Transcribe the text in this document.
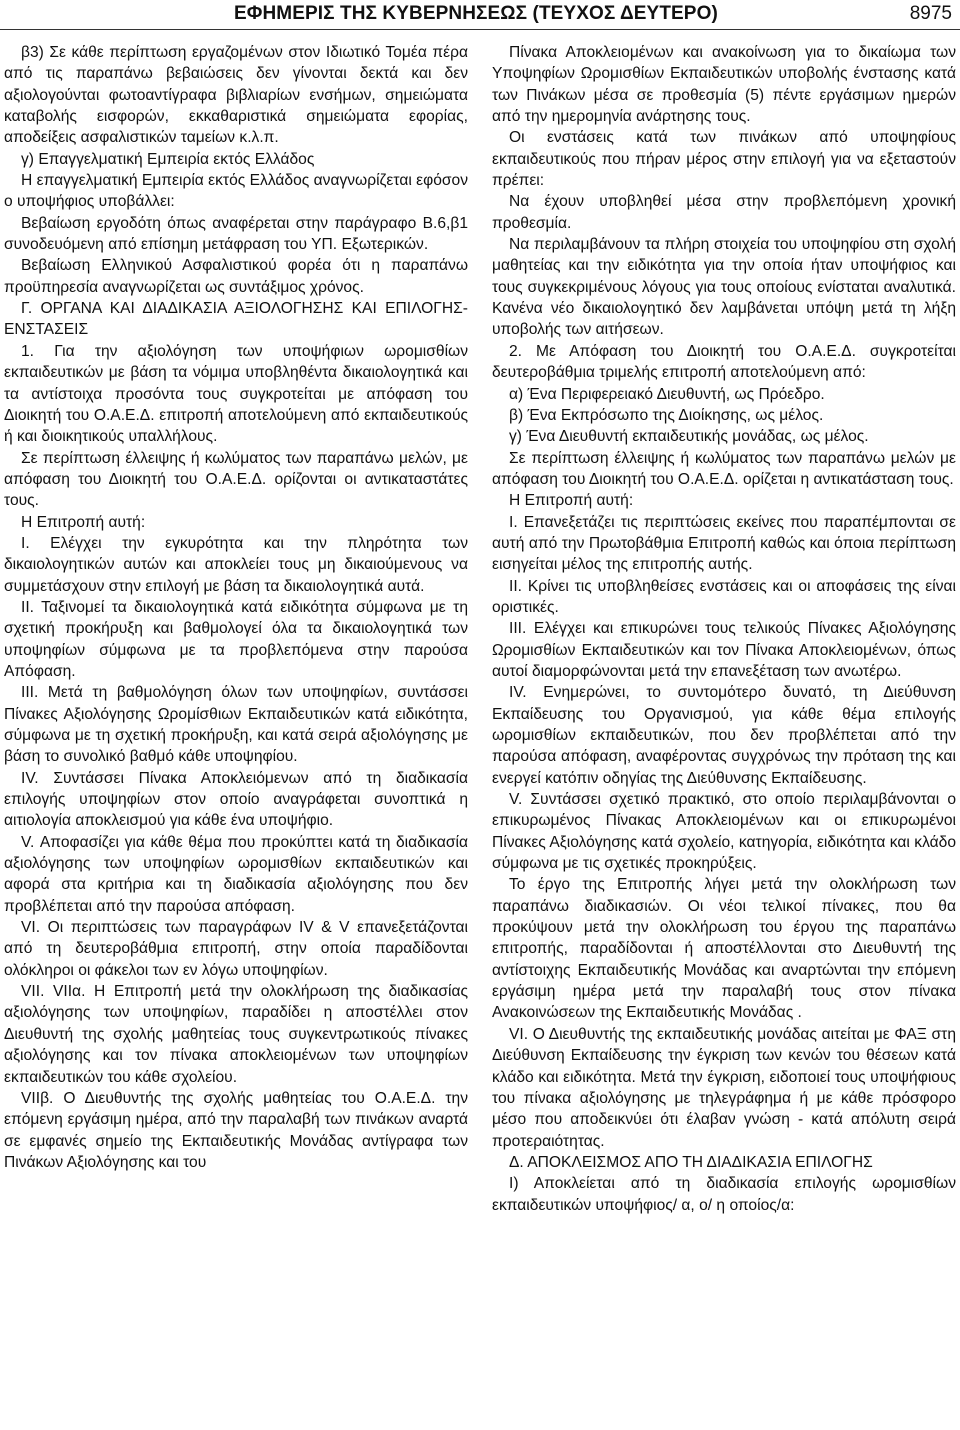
ΕΦΗΜΕΡΙΣ ΤΗΣ ΚΥΒΕΡΝΗΣΕΩΣ (ΤΕΥΧΟΣ ΔΕΥΤΕΡΟ)	8975

β3) Σε κάθε περίπτωση εργαζομένων στον Ιδιωτικό Τομέα πέρα από τις παραπάνω βεβαιώσεις δεν γίνονται δεκτά και δεν αξιολογούνται φωτοαντίγραφα βιβλιαρίων ενσήμων, σημειώματα καταβολής εισφορών, εκκαθαριστικά σημειώματα εφορίας, αποδείξεις ασφαλιστικών ταμείων κ.λ.π.

γ) Επαγγελματική Εμπειρία εκτός Ελλάδος

Η επαγγελματική Εμπειρία εκτός Ελλάδος αναγνωρίζεται εφόσον ο υποψήφιος υποβάλλει:

Βεβαίωση εργοδότη όπως αναφέρεται στην παράγραφο Β.6,β1 συνοδευόμενη από επίσημη μετάφραση του ΥΠ. Εξωτερικών.

Βεβαίωση Ελληνικού Ασφαλιστικού φορέα ότι η παραπάνω προϋπηρεσία αναγνωρίζεται ως συντάξιμος χρόνος.

Γ. ΟΡΓΑΝΑ ΚΑΙ ΔΙΑΔΙΚΑΣΙΑ ΑΞΙΟΛΟΓΗΣΗΣ ΚΑΙ ΕΠΙΛΟΓΗΣ-ΕΝΣΤΑΣΕΙΣ

1. Για την αξιολόγηση των υποψήφιων ωρομισθίων εκπαιδευτικών με βάση τα νόμιμα υποβληθέντα δικαιολογητικά και τα αντίστοιχα προσόντα τους συγκροτείται με απόφαση του Διοικητή του Ο.Α.Ε.Δ. επιτροπή αποτελούμενη από εκπαιδευτικούς ή και διοικητικούς υπαλλήλους.

Σε περίπτωση έλλειψης ή κωλύματος των παραπάνω μελών, με απόφαση του Διοικητή του Ο.Α.Ε.Δ. ορίζονται οι αντικαταστάτες τους.

Η Επιτροπή αυτή:

Ι. Ελέγχει την εγκυρότητα και την πληρότητα των δικαιολογητικών αυτών και αποκλείει τους μη δικαιούμενους να συμμετάσχουν στην επιλογή με βάση τα δικαιολογητικά αυτά.

ΙΙ. Ταξινομεί τα δικαιολογητικά κατά ειδικότητα σύμφωνα με τη σχετική προκήρυξη και βαθμολογεί όλα τα δικαιολογητικά των υποψηφίων σύμφωνα με τα προβλεπόμενα στην παρούσα Απόφαση.

ΙΙΙ. Μετά τη βαθμολόγηση όλων των υποψηφίων, συντάσσει Πίνακες Αξιολόγησης Ωρομίσθιων Εκπαιδευτικών κατά ειδικότητα, σύμφωνα με τη σχετική προκήρυξη, και κατά σειρά αξιολόγησης με βάση το συνολικό βαθμό κάθε υποψηφίου.

IV. Συντάσσει Πίνακα Αποκλειόμενων από τη διαδικασία επιλογής υποψηφίων στον οποίο αναγράφεται συνοπτικά η αιτιολογία αποκλεισμού για κάθε ένα υποψήφιο.

V. Αποφασίζει για κάθε θέμα που προκύπτει κατά τη διαδικασία αξιολόγησης των υποψηφίων ωρομισθίων εκπαιδευτικών και αφορά στα κριτήρια και τη διαδικασία αξιολόγησης που δεν προβλέπεται από την παρούσα απόφαση.

VI. Οι περιπτώσεις των παραγράφων IV & V επανεξετάζονται από τη δευτεροβάθμια επιτροπή, στην οποία παραδίδονται ολόκληροι οι φάκελοι των εν λόγω υποψηφίων.

VII. VIIα. Η Επιτροπή μετά την ολοκλήρωση της διαδικασίας αξιολόγησης των υποψηφίων, παραδίδει η αποστέλλει στον Διευθυντή της σχολής μαθητείας τους συγκεντρωτικούς πίνακες αξιολόγησης και τον πίνακα αποκλειομένων των υποψηφίων εκπαιδευτικών του κάθε σχολείου.

VIIβ. Ο Διευθυντής της σχολής μαθητείας του Ο.Α.Ε.Δ. την επόμενη εργάσιμη ημέρα, από την παραλαβή των πινάκων αναρτά σε εμφανές σημείο της Εκπαιδευτικής Μονάδας αντίγραφα των Πινάκων Αξιολόγησης και του

Πίνακα Αποκλειομένων και ανακοίνωση για το δικαίωμα των Υποψηφίων Ωρομισθίων Εκπαιδευτικών υποβολής ένστασης κατά των Πινάκων μέσα σε προθεσμία (5) πέντε εργάσιμων ημερών από την ημερομηνία ανάρτησης τους.

Οι ενστάσεις κατά των πινάκων από υποψηφίους εκπαιδευτικούς που πήραν μέρος στην επιλογή για να εξεταστούν πρέπει:

Να έχουν υποβληθεί μέσα στην προβλεπόμενη χρονική προθεσμία.

Να περιλαμβάνουν τα πλήρη στοιχεία του υποψηφίου στη σχολή μαθητείας και την ειδικότητα για την οποία ήταν υποψήφιος και τους συγκεκριμένους λόγους για τους οποίους ενίσταται αναλυτικά. Κανένα νέο δικαιολογητικό δεν λαμβάνεται υπόψη μετά τη λήξη υποβολής των αιτήσεων.

2. Με Απόφαση του Διοικητή του Ο.Α.Ε.Δ. συγκροτείται δευτεροβάθμια τριμελής επιτροπή αποτελούμενη από:

α) Ένα Περιφερειακό Διευθυντή, ως Πρόεδρο.

β) Ένα Εκπρόσωπο της Διοίκησης, ως μέλος.

γ) Ένα Διευθυντή εκπαιδευτικής μονάδας, ως μέλος.

Σε περίπτωση έλλειψης ή κωλύματος των παραπάνω μελών με απόφαση του Διοικητή του Ο.Α.Ε.Δ. ορίζεται η αντικατάσταση τους.

Η Επιτροπή αυτή:

Ι. Επανεξετάζει τις περιπτώσεις εκείνες που παραπέμπονται σε αυτή από την Πρωτοβάθμια Επιτροπή καθώς και όποια περίπτωση εισηγείται μέλος της επιτροπής αυτής.

ΙΙ. Κρίνει τις υποβληθείσες ενστάσεις και οι αποφάσεις της είναι οριστικές.

ΙΙΙ. Ελέγχει και επικυρώνει τους τελικούς Πίνακες Αξιολόγησης Ωρομισθίων Εκπαιδευτικών και τον Πίνακα Αποκλειομένων, όπως αυτοί διαμορφώνονται μετά την επανεξέταση των ανωτέρω.

IV. Ενημερώνει, το συντομότερο δυνατό, τη Διεύθυνση Εκπαίδευσης του Οργανισμού, για κάθε θέμα επιλογής ωρομισθίων εκπαιδευτικών, που δεν προβλέπεται από την παρούσα απόφαση, αναφέροντας συγχρόνως την πρόταση της και ενεργεί κατόπιν οδηγίας της Διεύθυνσης Εκπαίδευσης.

V. Συντάσσει σχετικό πρακτικό, στο οποίο περιλαμβάνονται ο επικυρωμένος Πίνακας Αποκλειομένων και οι επικυρωμένοι Πίνακες Αξιολόγησης κατά σχολείο, κατηγορία, ειδικότητα και κλάδο σύμφωνα με τις σχετικές προκηρύξεις.

Το έργο της Επιτροπής λήγει μετά την ολοκλήρωση των παραπάνω διαδικασιών. Οι νέοι τελικοί πίνακες, που θα προκύψουν μετά την ολοκλήρωση του έργου της παραπάνω επιτροπής, παραδίδονται ή αποστέλλονται στο Διευθυντή της αντίστοιχης Εκπαιδευτικής Μονάδας και αναρτώνται την επόμενη εργάσιμη ημέρα μετά την παραλαβή τους στον πίνακα Ανακοινώσεων της Εκπαιδευτικής Μονάδας .

VI. Ο Διευθυντής της εκπαιδευτικής μονάδας αιτείται με ΦΑΞ στη Διεύθυνση Εκπαίδευσης την έγκριση των κενών του θέσεων κατά κλάδο και ειδικότητα. Μετά την έγκριση, ειδοποιεί τους υποψήφιους του πίνακα αξιολόγησης με τηλεγράφημα ή με κάθε πρόσφορο μέσο που αποδεικνύει ότι έλαβαν γνώση - κατά απόλυτη σειρά προτεραιότητας.

Δ. ΑΠΟΚΛΕΙΣΜΟΣ ΑΠΟ ΤΗ ΔΙΑΔΙΚΑΣΙΑ ΕΠΙΛΟΓΗΣ

Ι) Αποκλείεται από τη διαδικασία επιλογής ωρομισθίων εκπαιδευτικών υποψήφιος/ α, ο/ η οποίος/α:
